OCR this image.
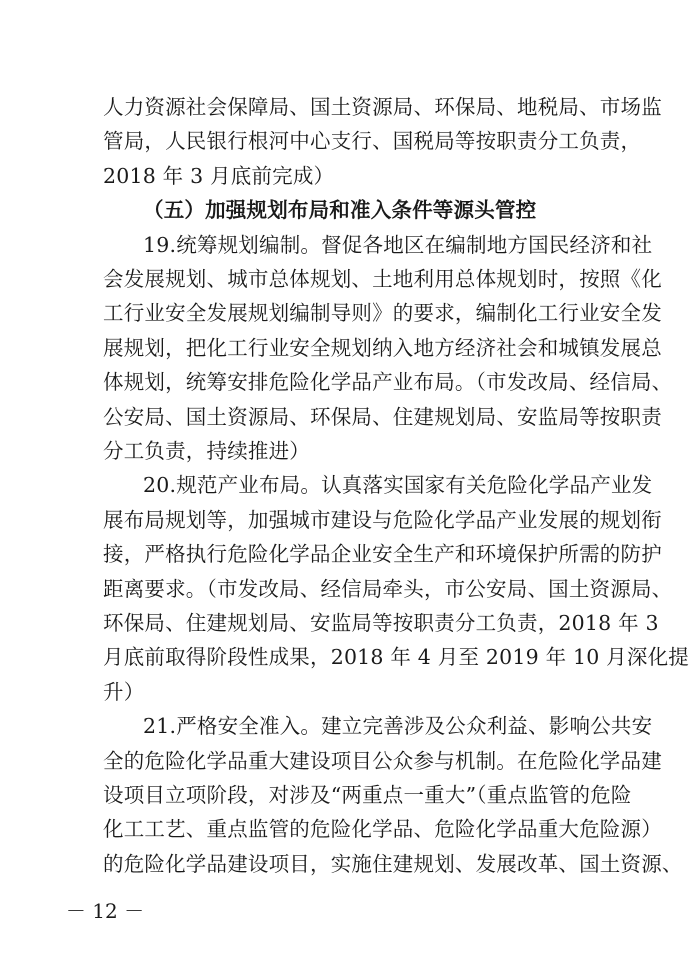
人力资源社会保障局、国土资源局、环保局、地税局、市场监
管局，人民银行根河中心支行、国税局等按职责分工负责，
2018 年 3 月底前完成）
（五）加强规划布局和准入条件等源头管控
19.统筹规划编制。督促各地区在编制地方国民经济和社
会发展规划、城市总体规划、土地利用总体规划时，按照《化
工行业安全发展规划编制导则》的要求，编制化工行业安全发
展规划，把化工行业安全规划纳入地方经济社会和城镇发展总
体规划，统筹安排危险化学品产业布局。（市发改局、经信局、
公安局、国土资源局、环保局、住建规划局、安监局等按职责
分工负责，持续推进）
20.规范产业布局。认真落实国家有关危险化学品产业发
展布局规划等，加强城市建设与危险化学品产业发展的规划衔
接，严格执行危险化学品企业安全生产和环境保护所需的防护
距离要求。（市发改局、经信局牵头，市公安局、国土资源局、
环保局、住建规划局、安监局等按职责分工负责，2018 年 3
月底前取得阶段性成果，2018 年 4 月至 2019 年 10 月深化提
升）
21.严格安全准入。建立完善涉及公众利益、影响公共安
全的危险化学品重大建设项目公众参与机制。在危险化学品建
设项目立项阶段，对涉及“两重点一重大”（重点监管的危险
化工工艺、重点监管的危险化学品、危险化学品重大危险源）
的危险化学品建设项目，实施住建规划、发展改革、国土资源、
－ 12 －
